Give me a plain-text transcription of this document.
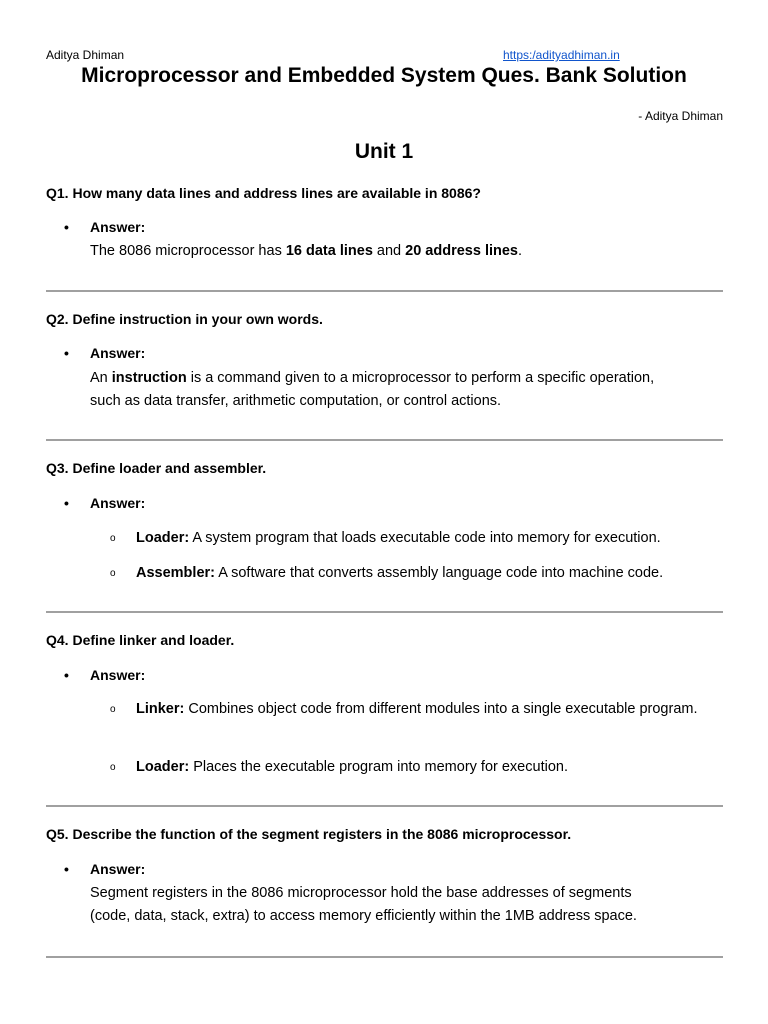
Aditya Dhiman	https:/adityadhiman.in
Microprocessor and Embedded System Ques. Bank Solution
- Aditya Dhiman
Unit 1
Q1. How many data lines and address lines are available in 8086?
• Answer:
The 8086 microprocessor has 16 data lines and 20 address lines.
Q2. Define instruction in your own words.
• Answer:
An instruction is a command given to a microprocessor to perform a specific operation,
such as data transfer, arithmetic computation, or control actions.
Q3. Define loader and assembler.
• Answer:
o Loader: A system program that loads executable code into memory for execution.
o Assembler: A software that converts assembly language code into machine code.
Q4. Define linker and loader.
• Answer:
o Linker: Combines object code from different modules into a single executable program.
o Loader: Places the executable program into memory for execution.
Q5. Describe the function of the segment registers in the 8086 microprocessor.
• Answer:
Segment registers in the 8086 microprocessor hold the base addresses of segments
(code, data, stack, extra) to access memory efficiently within the 1MB address space.
